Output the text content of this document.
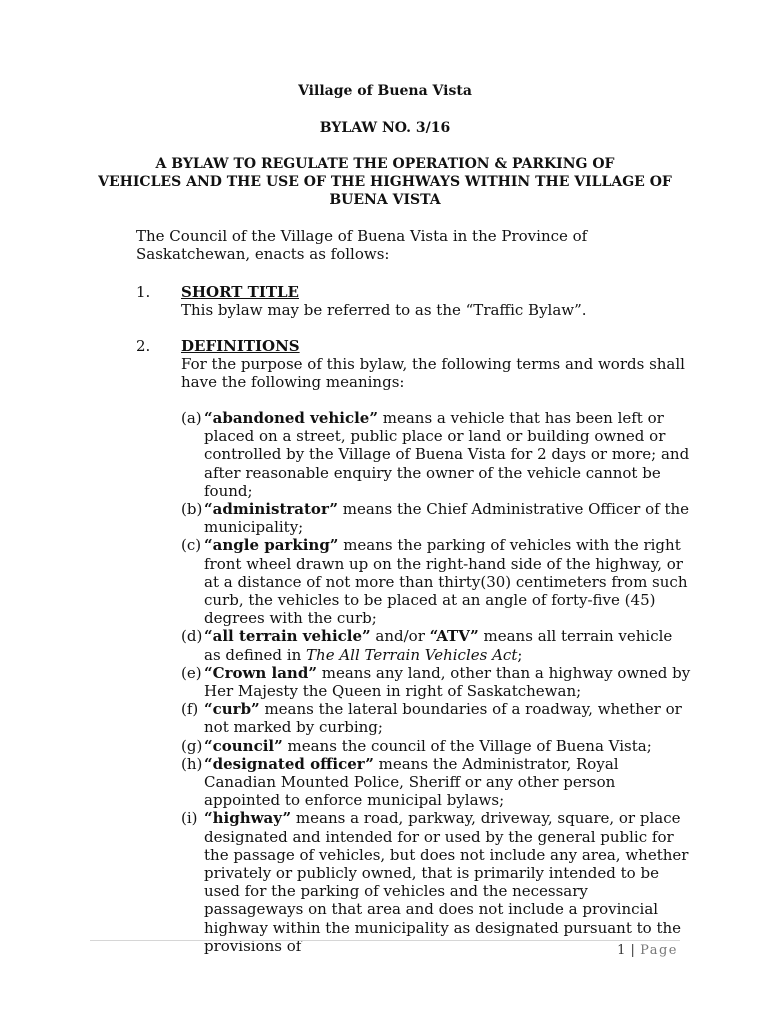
Village of Buena Vista
BYLAW NO. 3/16
A BYLAW TO REGULATE THE OPERATION & PARKING OF
VEHICLES AND THE USE OF THE HIGHWAYS WITHIN THE VILLAGE OF
BUENA VISTA
The Council of the Village of Buena Vista in the Province of Saskatchewan, enacts as follows:
1. SHORT TITLE
This bylaw may be referred to as the “Traffic Bylaw”.
2. DEFINITIONS
For the purpose of this bylaw, the following terms and words shall have the following meanings:
(a) “abandoned vehicle” means a vehicle that has been left or placed on a street, public place or land or building owned or controlled by the Village of Buena Vista for 2 days or more; and after reasonable enquiry the owner of the vehicle cannot be found;
(b) “administrator” means the Chief Administrative Officer of the municipality;
(c) “angle parking” means the parking of vehicles with the right front wheel drawn up on the right-hand side of the highway, or at a distance of not more than thirty(30) centimeters from such curb, the vehicles to be placed at an angle of forty-five (45) degrees with the curb;
(d) “all terrain vehicle” and/or “ATV” means all terrain vehicle as defined in The All Terrain Vehicles Act;
(e) “Crown land” means any land, other than a highway owned by Her Majesty the Queen in right of Saskatchewan;
(f) “curb” means the lateral boundaries of a roadway, whether or not marked by curbing;
(g) “council” means the council of the Village of Buena Vista;
(h) “designated officer” means the Administrator, Royal Canadian Mounted Police, Sheriff or any other person appointed to enforce municipal bylaws;
(i) “highway” means a road, parkway, driveway, square, or place designated and intended for or used by the general public for the passage of vehicles, but does not include any area, whether privately or publicly owned, that is primarily intended to be used for the parking of vehicles and the necessary passageways on that area and does not include a provincial highway within the municipality as designated pursuant to the provisions of	1 | Page
